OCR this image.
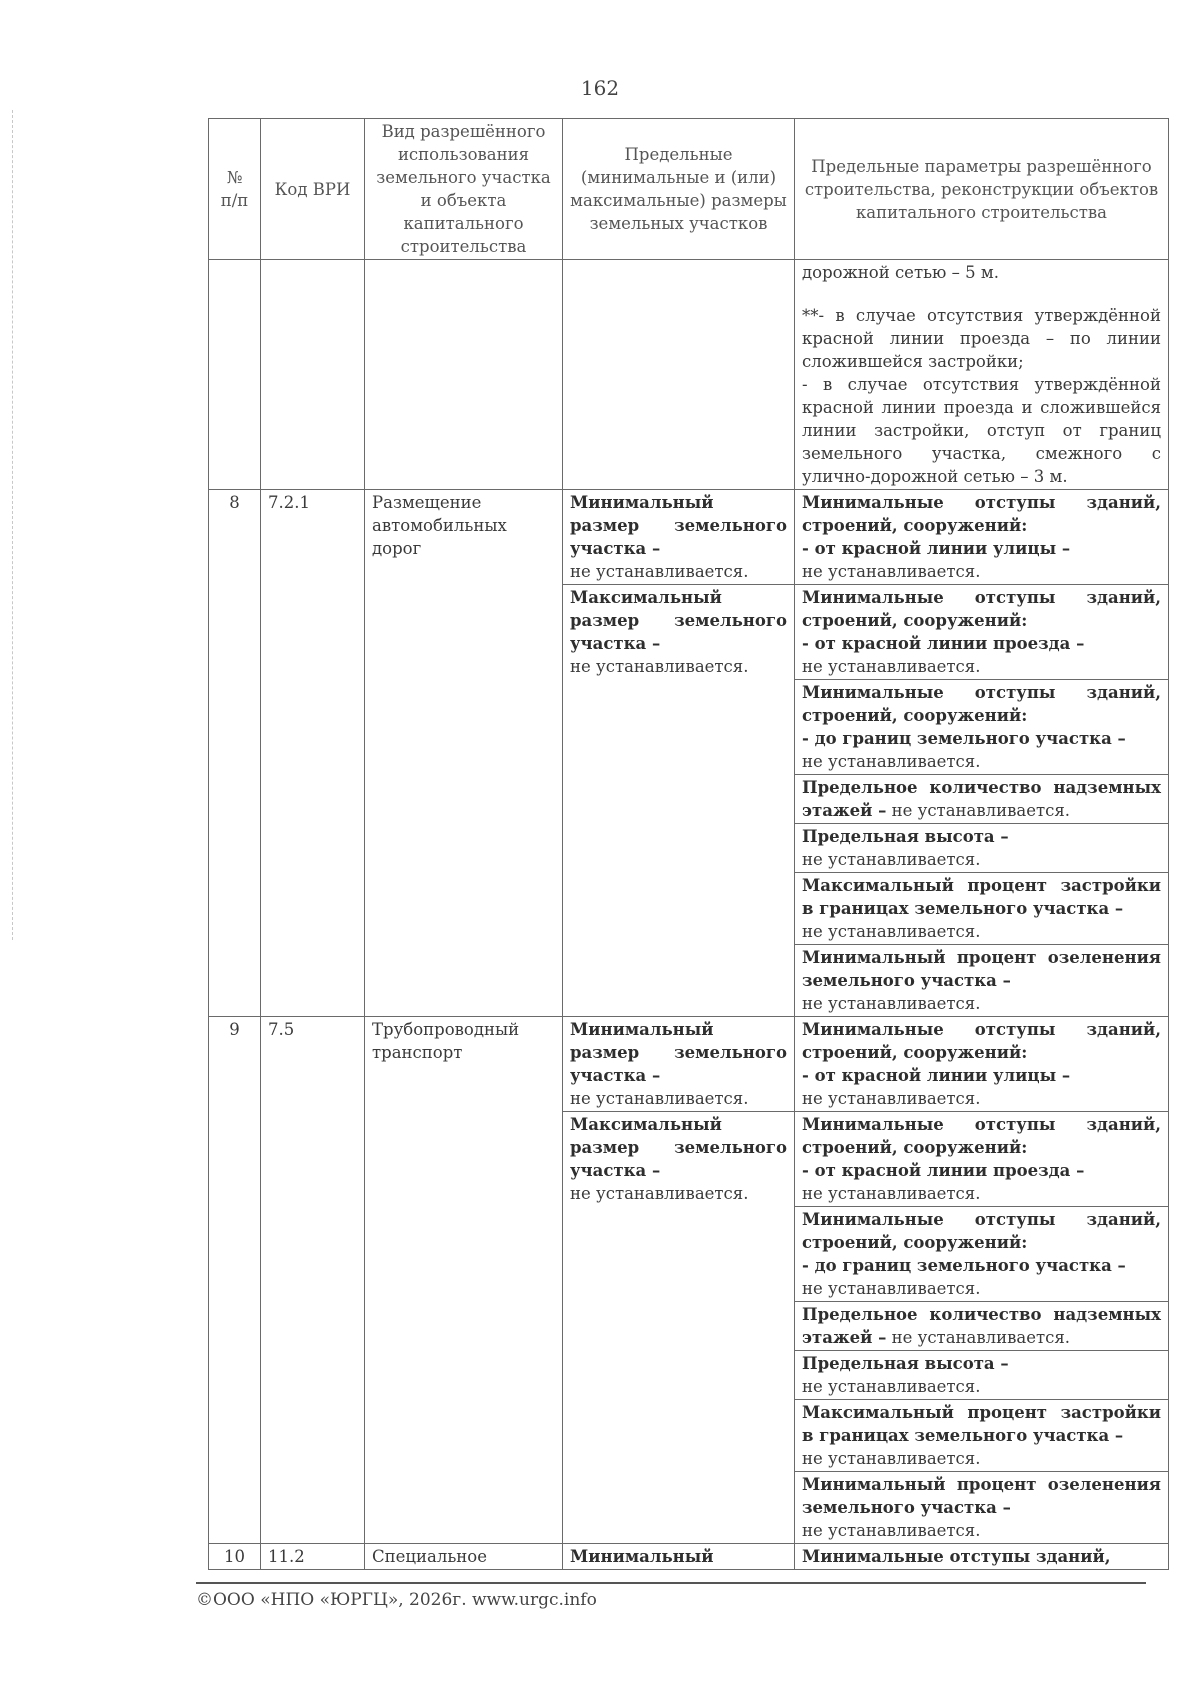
162
№ п/п	Код ВРИ	Вид разрешённого использования земельного участка и объекта капитального строительства	Предельные (минимальные и (или) максимальные) размеры земельных участков	Предельные параметры разрешённого строительства, реконструкции объектов капитального строительства

				дорожной сетью – 5 м.
**- в случае отсутствия утверждённой красной линии проезда – по линии сложившейся застройки;
- в случае отсутствия утверждённой красной линии проезда и сложившейся линии застройки, отступ от границ земельного участка, смежного с улично-дорожной сетью – 3 м.

8	7.2.1	Размещение автомобильных дорог	Минимальный размер земельного участка –
не устанавливается.	Минимальные отступы зданий, строений, сооружений:
- от красной линии улицы –
не устанавливается.
			Максимальный размер земельного участка –
не устанавливается.	Минимальные отступы зданий, строений, сооружений:
- от красной линии проезда –
не устанавливается.
				Минимальные отступы зданий, строений, сооружений:
- до границ земельного участка –
не устанавливается.
				Предельное количество надземных этажей – не устанавливается.
				Предельная высота –
не устанавливается.
				Максимальный процент застройки в границах земельного участка –
не устанавливается.
				Минимальный процент озеленения земельного участка –
не устанавливается.
9	7.5	Трубопроводный транспорт	Минимальный размер земельного участка –
не устанавливается.	Минимальные отступы зданий, строений, сооружений:
- от красной линии улицы –
не устанавливается.
			Максимальный размер земельного участка –
не устанавливается.	Минимальные отступы зданий, строений, сооружений:
- от красной линии проезда –
не устанавливается.
				Минимальные отступы зданий, строений, сооружений:
- до границ земельного участка –
не устанавливается.
				Предельное количество надземных этажей – не устанавливается.
				Предельная высота –
не устанавливается.
				Максимальный процент застройки в границах земельного участка –
не устанавливается.
				Минимальный процент озеленения земельного участка –
не устанавливается.
10	11.2	Специальное	Минимальный	Минимальные отступы зданий,
©ООО «НПО «ЮРГЦ», 2026г. www.urgc.info
